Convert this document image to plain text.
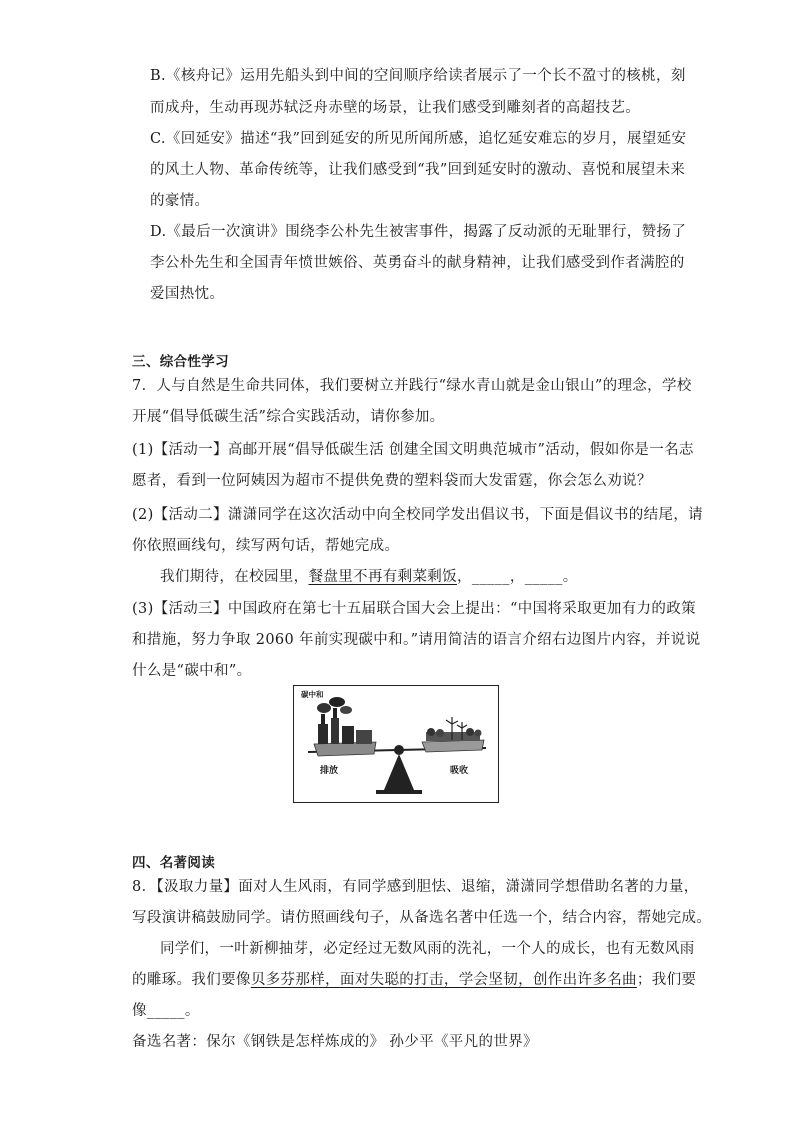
B.《核舟记》运用先船头到中间的空间顺序给读者展示了一个长不盈寸的核桃，刻
而成舟，生动再现苏轼泛舟赤壁的场景，让我们感受到雕刻者的高超技艺。
C.《回延安》描述“我”回到延安的所见所闻所感，追忆延安难忘的岁月，展望延安
的风土人物、革命传统等，让我们感受到“我”回到延安时的激动、喜悦和展望未来
的豪情。
D.《最后一次演讲》围绕李公朴先生被害事件，揭露了反动派的无耻罪行，赞扬了
李公朴先生和全国青年愤世嫉俗、英勇奋斗的献身精神，让我们感受到作者满腔的
爱国热忱。
三、综合性学习
7．人与自然是生命共同体，我们要树立并践行“绿水青山就是金山银山”的理念，学校
开展“倡导低碳生活”综合实践活动，请你参加。
(1)【活动一】高邮开展“倡导低碳生活 创建全国文明典范城市”活动，假如你是一名志
愿者，看到一位阿姨因为超市不提供免费的塑料袋而大发雷霆，你会怎么劝说？
(2)【活动二】潇潇同学在这次活动中向全校同学发出倡议书，下面是倡议书的结尾，请
你依照画线句，续写两句话，帮她完成。
我们期待，在校园里，餐盘里不再有剩菜剩饭，_____，_____。
(3)【活动三】中国政府在第七十五届联合国大会上提出：“中国将采取更加有力的政策
和措施，努力争取 2060 年前实现碳中和。”请用简洁的语言介绍右边图片内容，并说说
什么是“碳中和”。
碳中和
排放	吸收
四、名著阅读
8．【汲取力量】面对人生风雨，有同学感到胆怯、退缩，潇潇同学想借助名著的力量，
写段演讲稿鼓励同学。请仿照画线句子，从备选名著中任选一个，结合内容，帮她完成。
同学们，一叶新柳抽芽，必定经过无数风雨的洗礼，一个人的成长，也有无数风雨
的雕琢。我们要像贝多芬那样，面对失聪的打击，学会坚韧，创作出许多名曲；我们要
像_____。
备选名著：保尔《钢铁是怎样炼成的》 孙少平《平凡的世界》
